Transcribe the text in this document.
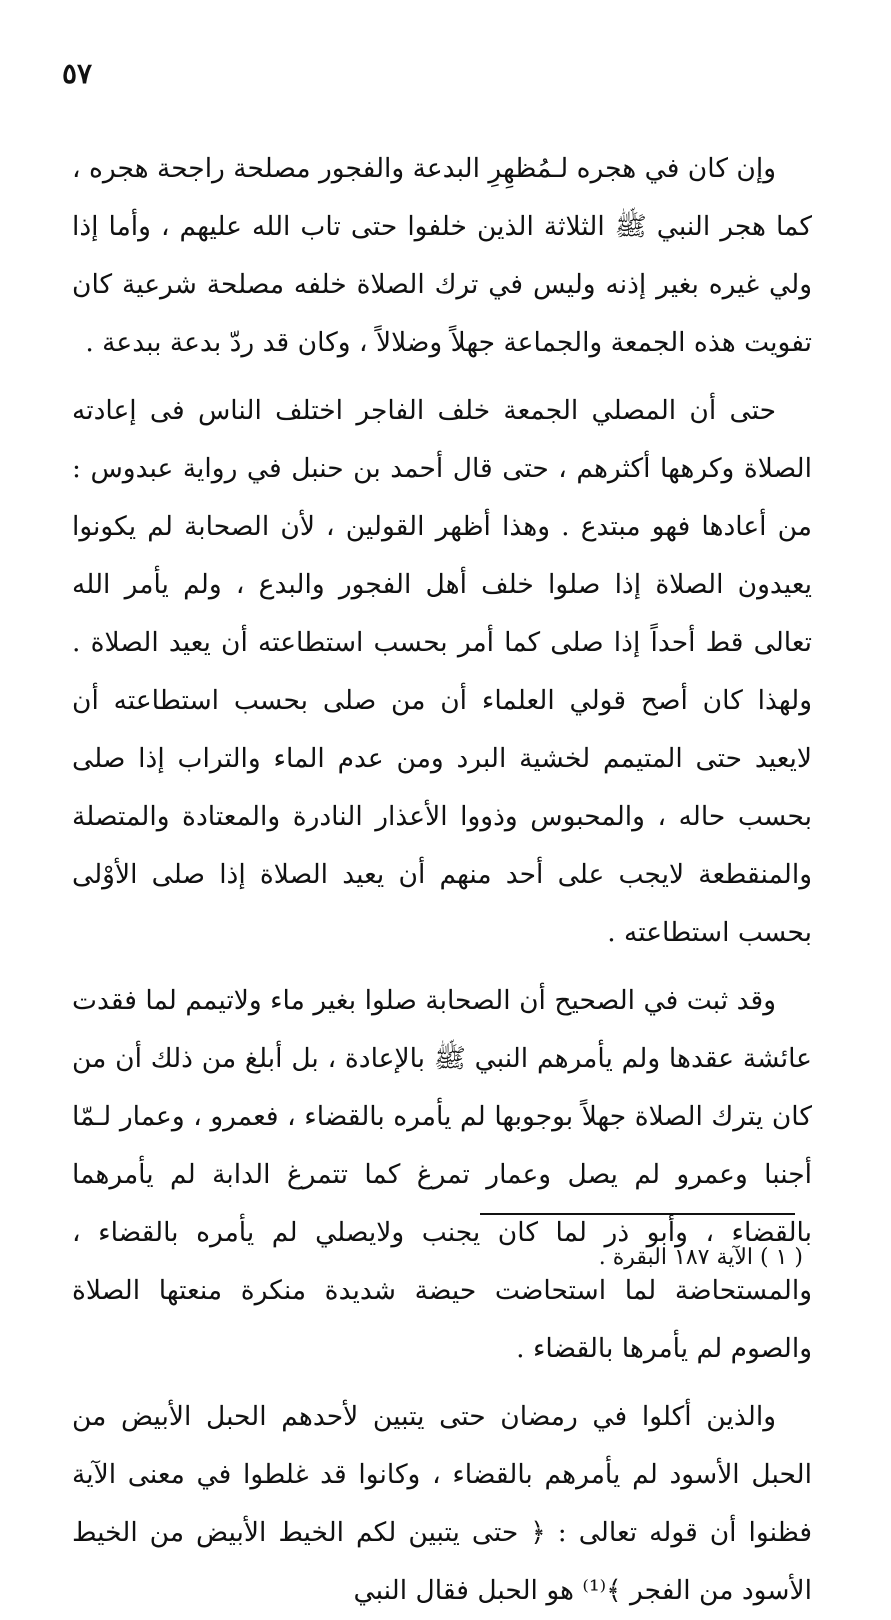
٥٧

وإن كان في هجره لـمُظهِرِ البدعة والفجور مصلحة راجحة هجره ، كما هجر النبي ﷺ الثلاثة الذين خلفوا حتى تاب الله عليهم ، وأما إذا ولي غيره بغير إذنه وليس في ترك الصلاة خلفه مصلحة شرعية كان تفويت هذه الجمعة والجماعة جهلاً وضلالاً ، وكان قد ردّ بدعة ببدعة .

حتى أن المصلي الجمعة خلف الفاجر اختلف الناس فى إعادته الصلاة وكرهها أكثرهم ، حتى قال أحمد بن حنبل في رواية عبدوس : من أعادها فهو مبتدع . وهذا أظهر القولين ، لأن الصحابة لم يكونوا يعيدون الصلاة إذا صلوا خلف أهل الفجور والبدع ، ولم يأمر الله تعالى قط أحداً إذا صلى كما أمر بحسب استطاعته أن يعيد الصلاة . ولهذا كان أصح قولي العلماء أن من صلى بحسب استطاعته أن لايعيد حتى المتيمم لخشية البرد ومن عدم الماء والتراب إذا صلى بحسب حاله ، والمحبوس وذووا الأعذار النادرة والمعتادة والمتصلة والمنقطعة لايجب على أحد منهم أن يعيد الصلاة إذا صلى الأوْلى بحسب استطاعته .

وقد ثبت في الصحيح أن الصحابة صلوا بغير ماء ولاتيمم لما فقدت عائشة عقدها ولم يأمرهم النبي ﷺ بالإعادة ، بل أبلغ من ذلك أن من كان يترك الصلاة جهلاً بوجوبها لم يأمره بالقضاء ، فعمرو ، وعمار لـمّا أجنبا وعمرو لم يصل وعمار تمرغ كما تتمرغ الدابة لم يأمرهما بالقضاء ، وأبو ذر لما كان يجنب ولايصلي لم يأمره بالقضاء ، والمستحاضة لما استحاضت حيضة شديدة منكرة منعتها الصلاة والصوم لم يأمرها بالقضاء .

والذين أكلوا في رمضان حتى يتبين لأحدهم الحبل الأبيض من الحبل الأسود لم يأمرهم بالقضاء ، وكانوا قد غلطوا في معنى الآية فظنوا أن قوله تعالى : ﴿ حتى يتبين لكم الخيط الأبيض من الخيط الأسود من الفجر ﴾⁽¹⁾ هو الحبل فقال النبي

( ١ ) الآية ١٨٧ البقرة .
